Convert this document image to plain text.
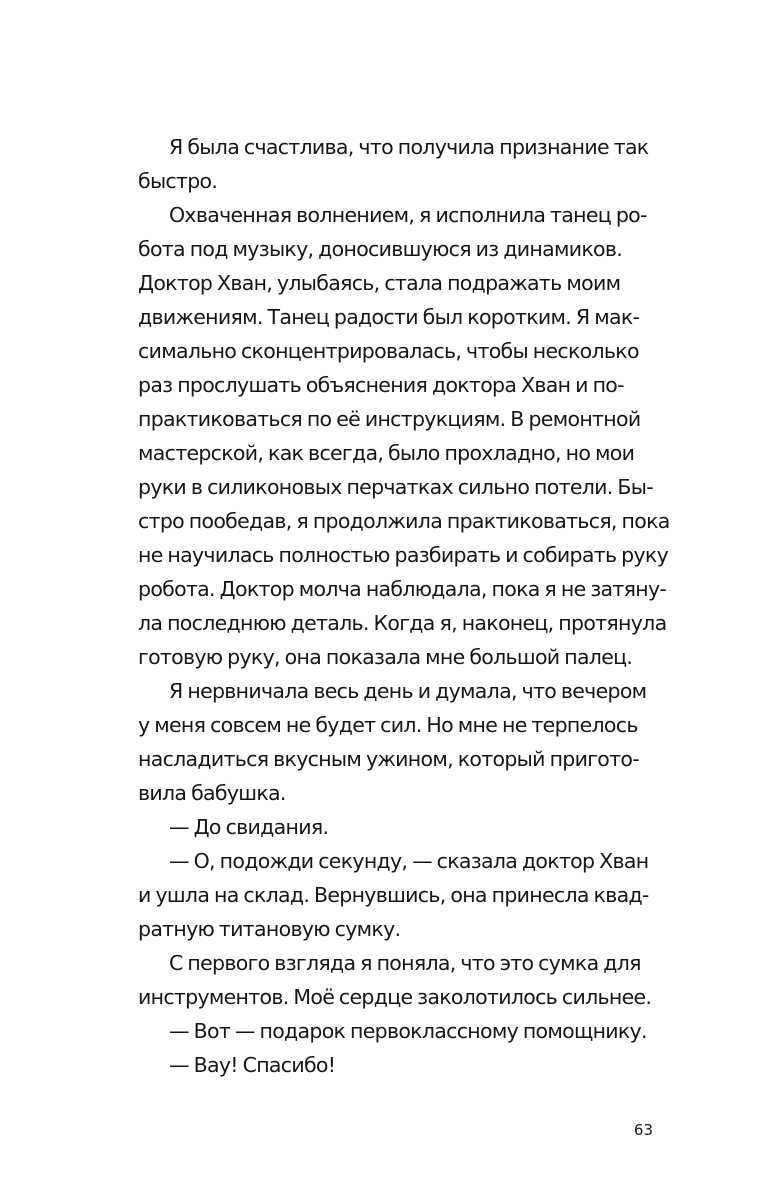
Я была счастлива, что получила признание так
быстро.
Охваченная волнением, я исполнила танец ро-
бота под музыку, доносившуюся из динамиков.
Доктор Хван, улыбаясь, стала подражать моим
движениям. Танец радости был коротким. Я мак-
симально сконцентрировалась, чтобы несколько
раз прослушать объяснения доктора Хван и по-
практиковаться по её инструкциям. В ремонтной
мастерской, как всегда, было прохладно, но мои
руки в силиконовых перчатках сильно потели. Бы-
стро пообедав, я продолжила практиковаться, пока
не научилась полностью разбирать и собирать руку
робота. Доктор молча наблюдала, пока я не затяну-
ла последнюю деталь. Когда я, наконец, протянула
готовую руку, она показала мне большой палец.
Я нервничала весь день и думала, что вечером
у меня совсем не будет сил. Но мне не терпелось
насладиться вкусным ужином, который пригото-
вила бабушка.
— До свидания.
— О, подожди секунду, — сказала доктор Хван
и ушла на склад. Вернувшись, она принесла квад-
ратную титановую сумку.
С первого взгляда я поняла, что это сумка для
инструментов. Моё сердце заколотилось сильнее.
— Вот — подарок первоклассному помощнику.
— Вау! Спасибо!
63
